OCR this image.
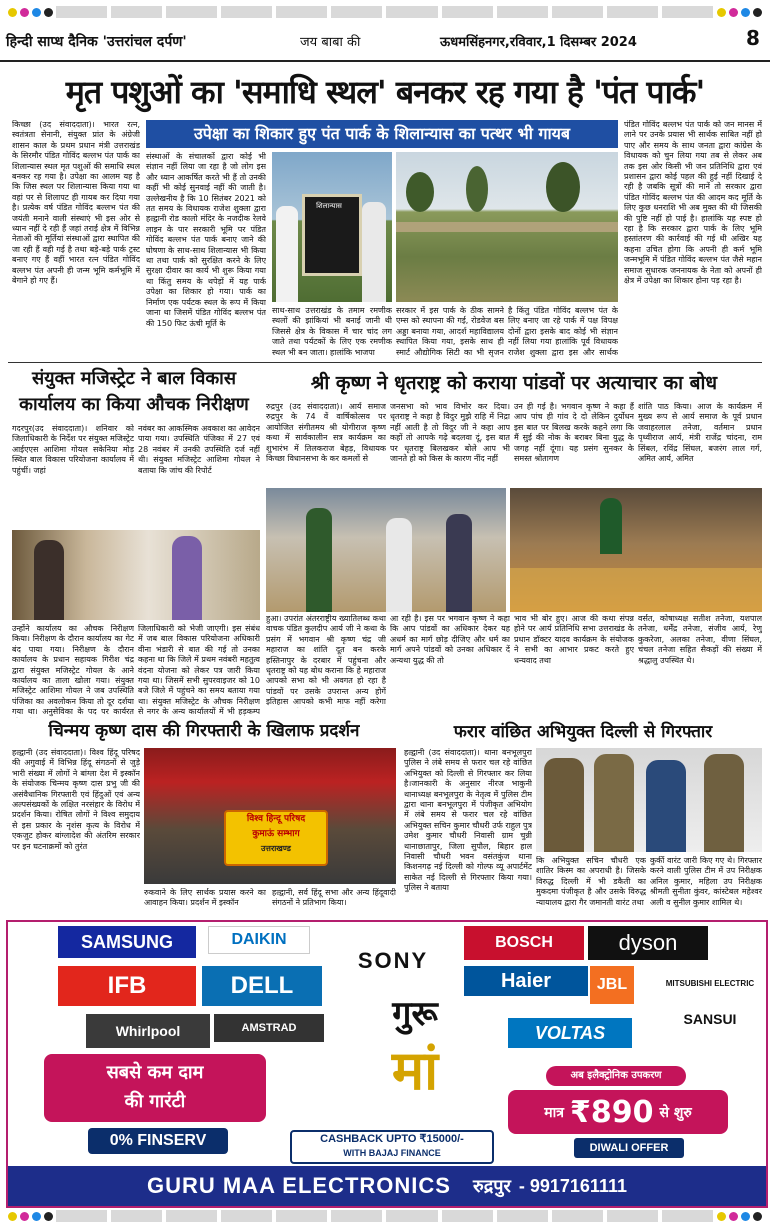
हिन्दी साप्ध दैनिक 'उत्तरांचल दर्पण'	जय बाबा की	ऊधमसिंहनगर,रविवार,1 दिसम्बर 2024	8
मृत पशुओं का 'समाधि स्थल' बनकर रह गया है 'पंत पार्क'
किच्छा (उद संवाददाता)। भारत रत्न, स्वतंत्रता सेनानी, संयुक्त प्रांत के अंग्रेजी शासन काल के प्रथम प्रधान मंत्री उत्तराखंड के सिरमौर पंडित गोविंद बल्लभ पंत पार्क का शिलान्यास स्थल मृत पशुओं की समाधि स्थल बनकर रह गया है। उपेक्षा का आलम यह है कि जिस स्थल पर शिलान्यास किया गया था वहां पर से शिलापट ही गायब कर दिया गया है। प्रत्येक वर्ष पंडित गोविंद बल्लभ पंत की जयंती मनाने वाली संस्थाएं भी इस ओर से ध्यान नहीं दे रही हैं जहां तराई क्षेत्र में विभिन्न नेताओं की मूर्तियां संस्थाओं द्वारा स्थापित की जा रही हैं वही गई है तथा बड़े-बड़े पार्क ट्रस्ट बनाए गए हैं वहीं भारत रत्न पंडित गोविंद बल्लभ पंत अपनी ही जन्म भूमि कर्मभूमि में बेगाने हो गए हैं।
उपेक्षा का शिकार हुए पंत पार्क के शिलान्यास का पत्थर भी गायब
संस्थाओं के संचालकों द्वारा कोई भी संज्ञान नहीं लिया जा रहा है जो लोग इस और ध्यान आकर्षित करते भी हैं तो उनकी कहीं भी कोई सुनवाई नहीं की जाती है। उल्लेखनीय है कि 10 सितंबर 2021 को तत समय के विधायक राजेश शुक्ला द्वारा हल्द्वानी रोड कालो मंदिर के नजदीक रेलवे लाइन के पार सरकारी भूमि पर पंडित गोविंद बल्लभ पंत पार्क बनाए जाने की घोषणा के साथ-साथ शिलान्यास भी किया था तथा पार्क को सुरक्षित करने के लिए सुरक्षा दीवार का कार्य भी शुरू किया गया था किंतु समय के थपेड़ों में यह पार्क उपेक्षा का शिकार हो गया। पार्क का निर्माण एक पर्यटक स्थल के रूप में किया जाना था जिसमें पंडित गोविंद बल्लभ पंत की 150 फिट ऊंची मूर्ति के
शिलान्यास
साथ-साथ उत्तराखंड के तमाम रमणीक स्थलों की झांकियां भी बनाई जानी थी जिससे क्षेत्र के विकास में चार चांद लग जाते तथा पर्यटकों के लिए एक रमणीक स्थल भी बन जाता। हालांकि भाजपा
सरकार में इस पार्क के ठीक सामने एम्स को स्थापना की गई, रोडवेज बस अड्डा बनाया गया, आदर्श महाविद्यालय स्थापित किया गया, इसके साथ ही स्मार्ट औद्योगिक सिटी का भी सृजन
है किंतु पंडित गोविंद बल्लभ पंत के लिए बनाए जा रहे पार्क में पक्ष विपक्ष दोनों द्वारा इसके बाद कोई भी संज्ञान नहीं लिया गया हालांकि पूर्व विधायक राजेश शुक्ला द्वारा इस और सार्थक
पंडित गोविंद बल्लभ पंत पार्क को जन मानस में लाने पर उनके प्रयास भी सार्थक साबित नहीं हो पाए और समय के साथ जनता द्वारा कांग्रेस के विधायक को चुन लिया गया तब से लेकर अब तक इस ओर किसी भी जन प्रतिनिधि द्वारा एवं प्रशासन द्वारा कोई पहल की हुई नहीं दिखाई दे रही है जबकि सूत्रों की मानें तो सरकार द्वारा पंडित गोविंद बल्लभ पंत की आदम कद मूर्ति के लिए कुछ धनराशि भी अब मुक्त की थी जिसकी की पुष्टि नहीं हो पाई है। हालांकि यह स्पष्ट हो रहा है कि सरकार द्वारा पार्क के लिए भूमि हस्तांतरण की कार्रवाई की गई थी अखिर यह कहना उचित होगा कि अपनी ही कर्म भूमि जन्मभूमि में पंडित गोविंद बल्लभ पंत जैसे महान समाज सुधारक जननायक के नेता को अपनों ही क्षेत्र में उपेक्षा का शिकार होना पड़ रहा है।
संयुक्त मजिस्ट्रेट ने बाल विकास
कार्यालय का किया औचक निरीक्षण
गदरपुर(उद संवाददाता)। शनिवार को जिलाधिकारी के निर्देश पर संयुक्त मजिस्ट्रेट आईएएस आशिमा गोयल सकेनिया मोड़ स्थित बाल विकास परियोजना कार्यालय में पहुंचीं। जहां
नवंबर का आकस्मिक अवकाश का आवेदन पाया गया। उपस्थिति पंजिका में 27 एवं 28 नवंबर में उनकी उपस्थिति दर्ज नहीं थी। संयुक्त मजिस्ट्रेट आशिमा गोयल ने बताया कि जांच की रिपोर्ट
उन्होंने कार्यालय का औचक निरीक्षण किया। निरीक्षण के दौरान कार्यालय का गेट बंद पाया गया। निरीक्षण के दौरान कार्यालय के प्रधान सहायक गिरीश चंद्र द्वारा संयुक्त मजिस्ट्रेट गोयल के आने कार्यालय का ताला खोला गया। संयुक्त मजिस्ट्रेट आशिमा गोयल ने जब उपस्थिति पंजिका का अवलोकन किया तो दूर दर्शया गया था। अनुसेविका के पद पर कार्यरत
जिलाधिकारी को भेजी जाएगी। इस संबंध में जब बाल विकास परियोजना अधिकारी वीना भंडारी से बात की गई तो उनका कहना था कि जिले में प्रथम नवंबरी महतुत्व वंदना योजना को लेकर पत्र जारी किया गया था। जिसमें सभी सुपरवाइजर को 10 बजे जिले में पहुंचने का समय बताया गया था। संयुक्त मजिस्ट्रेट के औचक निरीक्षण से नगर के अन्य कार्यालयों में भी हड़कम्प
श्री कृष्ण ने धृतराष्ट्र को कराया पांडवों पर अत्याचार का बोध
रुद्रपुर (उद संवाददाता)। आर्य समाज रुद्रपुर के 74 वें वार्षिकोत्सव पर आयोजित संगीतमय श्री योगीराज कृष्ण कथा में सार्वकालीन सत्र कार्यक्रम का शुभारंभ में तिलकराज बेहड़, विधायक किच्छा विधानसभा के कर कमलों से
जनसभा को भाव विभोर कर दिया। धृतराष्ट्र ने कहा है विदुर मुझे राहि में निद्रा नहीं आती है तो विदुर जी ने कहा आप कहों तो आपके गढ़े बदलवा दूं, इस बात पर धृतराष्ट्र बिलखकर बोले आप भी जानते हो को किस के कारण नींद नहीं
उन ही गई है। भगवान कृष्ण ने कहा हैं आप पांच ही गांव दे दो लेकिन दुर्योधन इस बात पर बिलख करके कहने लगा कि मैं सुई की नोक के बराबर बिना युद्ध के जगह नहीं दूंगा। यह प्रसंग सुनकर के समस्त श्रोतागण
शांति पाठ किया। आज के कार्यक्रम में मुख्य रूप से आर्य समाज के पूर्व प्रधान जवाहरलाल तनेजा, वर्तमान प्रधान पृथ्वीराज आर्य, मंत्री राजेंद्र चांदना, राम सिंबल, रविंद्र सिंघल, बजरंग लाल गर्ग, अमित आर्य, अमित
हुआ। उपरांत अंतरराष्ट्रीय ख्यातिलब्ध कथा वाचक पंडित कुलदीप आर्य जी ने कथा के प्रसंग में भगवान श्री कृष्ण चंद्र जी महाराज का शांति दूत बन करके हस्तिनापुर के दरबार में पहुंचना और धृतराष्ट्र को यह बोध कराना कि हे महाराज आपको सभा को भी अवगत हो रहा है पांडवों पर उसके उपरान्त अन्य होगें इतिहास आपको कभी माफ नहीं करेगा
आ रही है। इस पर भगवान कृष्ण ने कहा कि आप पांडवों का अधिकार देकर यह अधर्म का मार्ग छोड़ दीजिए और धर्म का मार्ग अपने पांडवों को उनका अधिकार दें अन्यथा युद्ध की तो
भाव भी बोर हुए। आज की कथा संपन्न होने पर आर्य प्रतिनिधि सभा उत्तराखंड के प्रधान डॉक्टर यादव कार्यक्रम के संयोजक ने सभी का आभार प्रकट करते हुए धन्यवाद तथा
वर्सत, कोषाध्यक्ष सतीश तनेजा, यशपाल तनेजा, धर्मेंद्र तनेजा, संजीव आर्य, रेणु कुकरेजा, अलका तनेजा, वीणा सिंघल, चंचल तनेजा सहित सैकड़ों की संख्या में श्रद्धालु उपस्थित थे।
चिन्मय कृष्ण दास की गिरफ्तारी के खिलाफ प्रदर्शन
हल्द्वानी (उद संवाददाता)। विश्व हिंदू परिषद की अगुवाई में विभिन्न हिंदू संगठनों से जुड़े भारी संख्या में लोगों ने बांग्ला देश में इस्कॉन के संयोजक चिन्मय कृष्ण दास प्रभु जी की असंवैधानिक गिरफ्तारी एवं हिंदुओं एवं अन्य अल्पसंख्यकों के लक्षित नरसंहार के विरोध में प्रदर्शन किया। रोषित लोगों ने विश्व समुदाय से इस प्रकार के नृशंस कृत्य के विरोध में एकजुट होकर बांग्लादेश की अंतरिम सरकार पर इन घटनाक्रमों को तुरंत
विश्व हिन्दू परिषद
कुमाऊं सम्भाग
उत्तराखण्ड
रुकवाने के लिए सार्थक प्रयास करने का आवाहन किया। प्रदर्शन में इस्कॉन
हल्द्वानी, सर्व हिंदू सभा और अन्य हिंदूवादी संगठनों ने प्रतिभाग किया।
फरार वांछित अभियुक्त दिल्ली से गिरफ्तार
हल्द्वानी (उद संवाददाता)। थाना बनभूलपुरा पुलिस ने लंबे समय से फरार चल रहे वांछित अभियुक्त को दिल्ली से गिरफ्तार कर लिया है।जानकारी के अनुसार नीरज भाकुनी थानाध्यक्ष बनभूलपुरा के नेतृत्व में पुलिस टीम द्वारा थाना बनभूलपुरा में पंजीकृत अभियोग में लंबे समय से फरार चल रहे वांछित अभियुक्त सचिन कुमार चौधरी उर्फ राहुल पुत्र उमेश कुमार चौधरी निवासी ग्राम चुन्नी थानाछातापुर, जिला सुपौल, बिहार हाल निवासी चौधरी भवन वसंतकुंज थाना किशनगढ़ नई दिल्ली को गोल्फ व्यू अपार्टमेंट साकेत नई दिल्ली से गिरफ्तार किया गया। पुलिस ने बताया
कि अभियुक्त सचिन चौधरी एक शातिर किस्म का अपराधी है। जिसके विरुद्ध दिल्ली में भी डकैती का मुकदमा पंजीकृत है और उसके विरुद्ध न्यायालय द्वारा गैर जमानती वारंट तथा
कुर्की वारंट जारी किए गए थे। गिरफ्तार करने वाली पुलिस टीम में उप निरीक्षक अनिल कुमार, महिला उप निरीक्षक श्रीमती सुनीता कुंवर, कांस्टेबल महेश्वर अली व सुनील कुमार शामिल थे।
SAMSUNG	DAIKIN
IFB	DELL
SONY
BOSCH	dyson
Haier	JBL	MITSUBISHI ELECTRIC
SANSUI
Whirlpool	AMSTRAD	VOLTAS
गुरू
मां
सबसे कम दाम
की गारंटी
0% FINSERV	CASHBACK UPTO ₹15000/-
WITH BAJAJ FINANCE
अब इलैक्ट्रोनिक उपकरण
मात्र ₹890 से शुरु
DIWALI OFFER
GURU MAA ELECTRONICS रुद्रपुर - 9917161111
